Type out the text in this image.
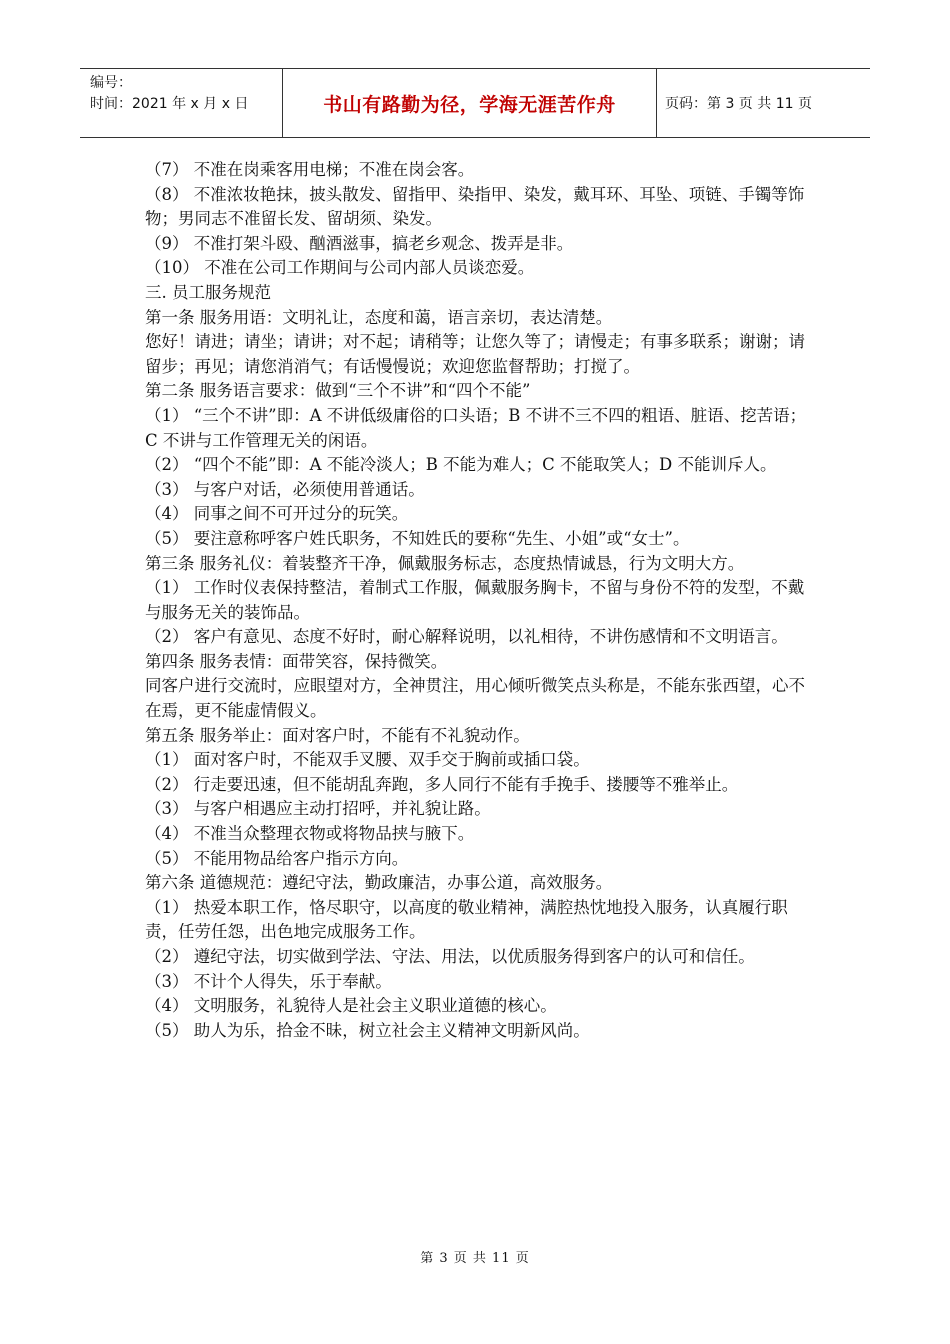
编号：
时间：2021 年 x 月 x 日	书山有路勤为径，学海无涯苦作舟	页码：第 3 页 共 11 页

（7） 不准在岗乘客用电梯；不准在岗会客。

（8） 不准浓妆艳抹，披头散发、留指甲、染指甲、染发，戴耳环、耳坠、项链、手镯等饰物；男同志不准留长发、留胡须、染发。

（9） 不准打架斗殴、酗酒滋事，搞老乡观念、拨弄是非。

（10） 不准在公司工作期间与公司内部人员谈恋爱。

三. 员工服务规范

第一条 服务用语：文明礼让，态度和蔼，语言亲切，表达清楚。

您好！请进；请坐；请讲；对不起；请稍等；让您久等了；请慢走；有事多联系；谢谢；请留步；再见；请您消消气；有话慢慢说；欢迎您监督帮助；打搅了。

第二条 服务语言要求：做到“三个不讲”和“四个不能”

（1） “三个不讲”即：A 不讲低级庸俗的口头语；B 不讲不三不四的粗语、脏语、挖苦语；C 不讲与工作管理无关的闲语。

（2） “四个不能”即：A 不能冷淡人；B 不能为难人；C 不能取笑人；D 不能训斥人。

（3） 与客户对话，必须使用普通话。

（4） 同事之间不可开过分的玩笑。

（5） 要注意称呼客户姓氏职务，不知姓氏的要称“先生、小姐”或“女士”。

第三条 服务礼仪：着装整齐干净，佩戴服务标志，态度热情诚恳，行为文明大方。

（1） 工作时仪表保持整洁，着制式工作服，佩戴服务胸卡，不留与身份不符的发型，不戴与服务无关的装饰品。

（2） 客户有意见、态度不好时，耐心解释说明，以礼相待，不讲伤感情和不文明语言。

第四条 服务表情：面带笑容，保持微笑。

同客户进行交流时，应眼望对方，全神贯注，用心倾听微笑点头称是，不能东张西望，心不在焉，更不能虚情假义。

第五条 服务举止：面对客户时，不能有不礼貌动作。

（1） 面对客户时，不能双手叉腰、双手交于胸前或插口袋。

（2） 行走要迅速，但不能胡乱奔跑，多人同行不能有手挽手、搂腰等不雅举止。

（3） 与客户相遇应主动打招呼，并礼貌让路。

（4） 不准当众整理衣物或将物品挟与腋下。

（5） 不能用物品给客户指示方向。

第六条 道德规范：遵纪守法，勤政廉洁，办事公道，高效服务。

（1） 热爱本职工作，恪尽职守，以高度的敬业精神，满腔热忱地投入服务，认真履行职责，任劳任怨，出色地完成服务工作。

（2） 遵纪守法，切实做到学法、守法、用法，以优质服务得到客户的认可和信任。

（3） 不计个人得失，乐于奉献。

（4） 文明服务，礼貌待人是社会主义职业道德的核心。

（5） 助人为乐，拾金不昧，树立社会主义精神文明新风尚。

第 3 页 共 11 页
